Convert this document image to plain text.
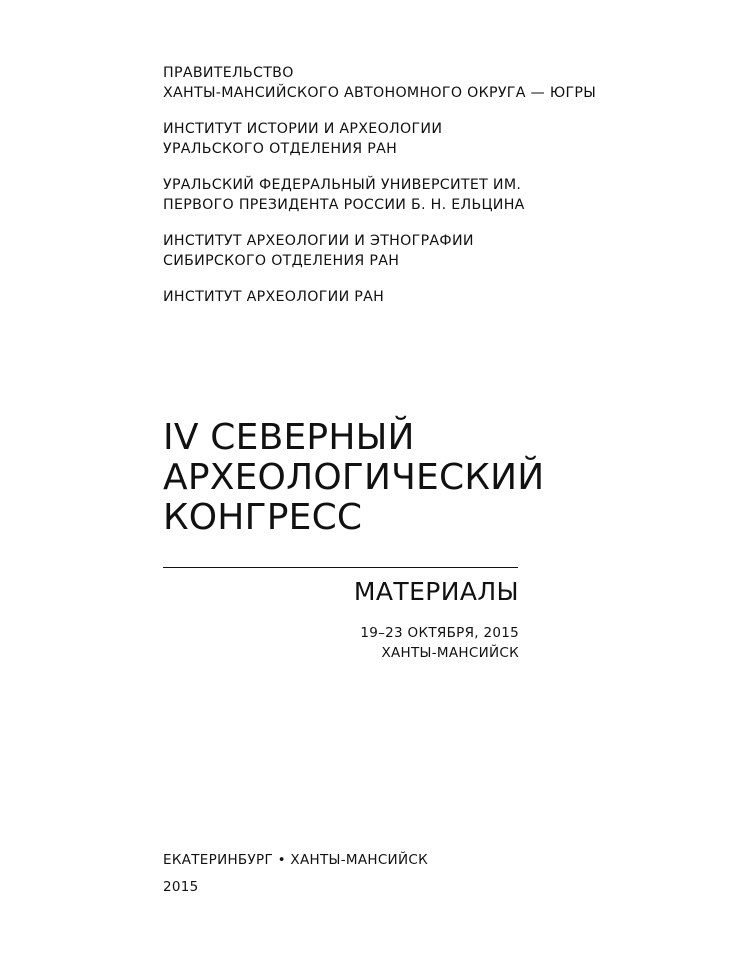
ПРАВИТЕЛЬСТВО
ХАНТЫ-МАНСИЙСКОГО АВТОНОМНОГО ОКРУГА — ЮГРЫ
ИНСТИТУТ ИСТОРИИ И АРХЕОЛОГИИ
УРАЛЬСКОГО ОТДЕЛЕНИЯ РАН
УРАЛЬСКИЙ ФЕДЕРАЛЬНЫЙ УНИВЕРСИТЕТ ИМ.
ПЕРВОГО ПРЕЗИДЕНТА РОССИИ Б. Н. ЕЛЬЦИНА
ИНСТИТУТ АРХЕОЛОГИИ И ЭТНОГРАФИИ
СИБИРСКОГО ОТДЕЛЕНИЯ РАН
ИНСТИТУТ АРХЕОЛОГИИ РАН
IV СЕВЕРНЫЙ
АРХЕОЛОГИЧЕСКИЙ
КОНГРЕСС
МАТЕРИАЛЫ
19–23 ОКТЯБРЯ, 2015
ХАНТЫ-МАНСИЙСК
ЕКАТЕРИНБУРГ • ХАНТЫ-МАНСИЙСК
2015
